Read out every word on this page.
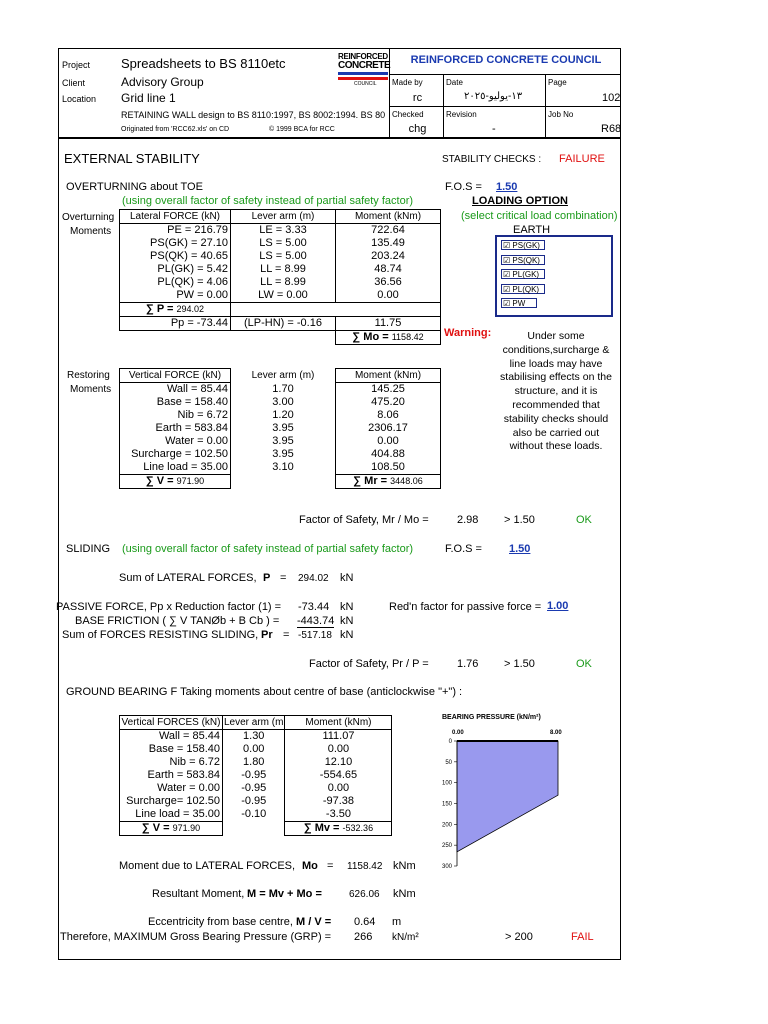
Project Spreadsheets to BS 8110etc
Client	Advisory Group
Location Grid line 1
RETAINING WALL design to BS 8110:1997, BS 8002:1994. BS 80
Originated from 'RCC62.xls' on CD	© 1999 BCA for RCC
REINFORCED
CONCRETE
COUNCIL
REINFORCED CONCRETE COUNCIL
Made by
rc
Date
١٣-يوليو-٢٠٢٥
Page
102
Checked
chg
Revision
-
Job No
R68
EXTERNAL STABILITY	STABILITY CHECKS : FAILURE
OVERTURNING about TOE	F.O.S = 1.50
(using overall factor of safety instead of partial safety factor)	LOADING OPTION
(select critical load combination)
EARTH
Overturning
Moments
Lateral FORCE (kN)	Lever arm (m)	Moment (kNm)
PE = 216.79	LE = 3.33	722.64
PS(GK) = 27.10	LS = 5.00	135.49
PS(QK) = 40.65	LS = 5.00	203.24
PL(GK) = 5.42	LL = 8.99	48.74
PL(QK) = 4.06	LL = 8.99	36.56
PW = 0.00	LW = 0.00	0.00
∑ P = 294.02		
Pp = -73.44	(LP-HN) = -0.16	11.75
		∑ Mo = 1158.42
☑ PS(GK)
☑ PS(QK)
☑ PL(GK)
☑ PL(QK)
☑ PW
Warning:	Under some
conditions,surcharge &
line loads may have
stabilising effects on the
structure, and it is
recommended that
stability checks should
also be carried out
without these loads.
Restoring
Moments
Vertical FORCE (kN)	Lever arm (m)	Moment (kNm)
Wall = 85.44	1.70	145.25
Base = 158.40	3.00	475.20
Nib = 6.72	1.20	8.06
Earth = 583.84	3.95	2306.17
Water = 0.00	3.95	0.00
Surcharge = 102.50	3.95	404.88
Line load = 35.00	3.10	108.50
∑ V = 971.90		∑ Mr = 3448.06
Factor of Safety, Mr / Mo =	2.98 > 1.50	OK
SLIDING (using overall factor of safety instead of partial safety factor)	F.O.S = 1.50
Sum of LATERAL FORCES, P = 294.02 kN
PASSIVE FORCE, Pp x Reduction factor (1) = -73.44 kN	Red'n factor for passive force = 1.00
BASE FRICTION ( ∑ V TANØb + B Cb ) = -443.74 kN
Sum of FORCES RESISTING SLIDING, Pr = -517.18 kN
Factor of Safety, Pr / P =	1.76 > 1.50	OK
GROUND BEARING F Taking moments about centre of base (anticlockwise "+") :
Vertical FORCES (kN)	Lever arm (m	Moment (kNm)
Wall = 85.44	1.30	111.07
Base = 158.40	0.00	0.00
Nib = 6.72	1.80	12.10
Earth = 583.84	-0.95	-554.65
Water = 0.00	-0.95	0.00
Surcharge= 102.50	-0.95	-97.38
Line load = 35.00	-0.10	-3.50
∑ V = 971.90		∑ Mv = -532.36
BEARING PRESSURE (kN/m²)
0.00	8.00
0
50
100
150
200
250
300
Moment due to LATERAL FORCES, Mo = 1158.42 kNm
Resultant Moment, M = Mv + Mo =	626.06 kNm
Eccentricity from base centre, M / V = 0.64 m
Therefore, MAXIMUM Gross Bearing Pressure (GRP) = 266 kN/m²	> 200	FAIL
